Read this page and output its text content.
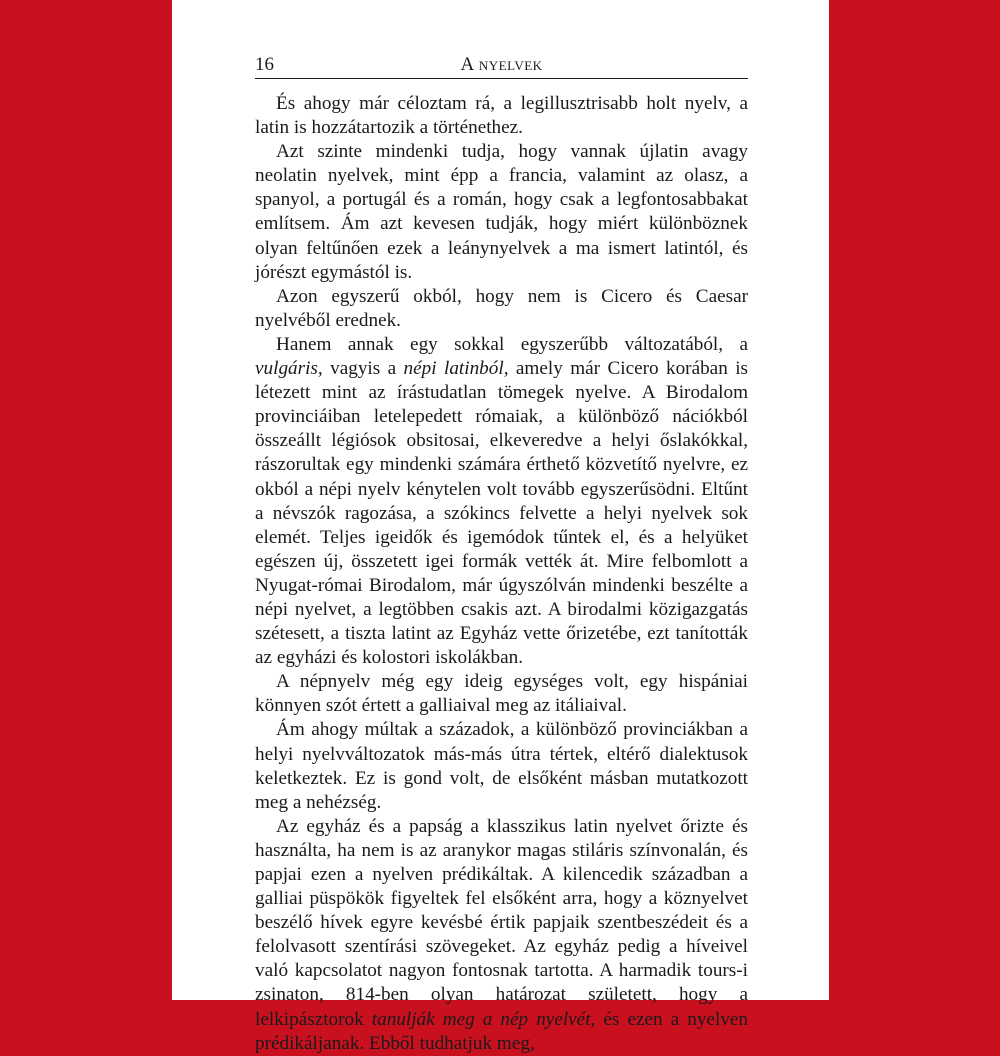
16	A nyelvek

És ahogy már céloztam rá, a legillusztrisabb holt nyelv, a latin is hozzátartozik a történethez.

Azt szinte mindenki tudja, hogy vannak újlatin avagy neolatin nyelvek, mint épp a francia, valamint az olasz, a spanyol, a portugál és a román, hogy csak a legfontosabbakat említsem. Ám azt kevesen tudják, hogy miért különböznek olyan feltűnően ezek a leánynyelvek a ma ismert latintól, és jórészt egymástól is.

Azon egyszerű okból, hogy nem is Cicero és Caesar nyelvéből erednek.

Hanem annak egy sokkal egyszerűbb változatából, a vulgáris, vagyis a népi latinból, amely már Cicero korában is létezett mint az írástudatlan tömegek nyelve. A Birodalom provinciáiban letelepedett rómaiak, a különböző nációkból összeállt légiósok obsitosai, elkeveredve a helyi őslakókkal, rászorultak egy mindenki számára érthető közvetítő nyelvre, ez okból a népi nyelv kénytelen volt tovább egyszerűsödni. Eltűnt a névszók ragozása, a szókincs felvette a helyi nyelvek sok elemét. Teljes igeidők és igemódok tűntek el, és a helyüket egészen új, összetett igei formák vették át. Mire felbomlott a Nyugat-római Birodalom, már úgyszólván mindenki beszélte a népi nyelvet, a legtöbben csakis azt. A birodalmi közigazgatás szétesett, a tiszta latint az Egyház vette őrizetébe, ezt tanították az egyházi és kolostori iskolákban.

A népnyelv még egy ideig egységes volt, egy hispániai könnyen szót értett a galliaival meg az itáliaival.

Ám ahogy múltak a századok, a különböző provinciákban a helyi nyelvváltozatok más-más útra tértek, eltérő dialektusok keletkeztek. Ez is gond volt, de elsőként másban mutatkozott meg a nehézség.

Az egyház és a papság a klasszikus latin nyelvet őrizte és használta, ha nem is az aranykor magas stiláris színvonalán, és papjai ezen a nyelven prédikáltak. A kilencedik században a galliai püspökök figyeltek fel elsőként arra, hogy a köznyelvet beszélő hívek egyre kevésbé értik papjaik szentbeszédeit és a felolvasott szentírási szövegeket. Az egyház pedig a híveivel való kapcsolatot nagyon fontosnak tartotta. A harmadik tours-i zsinaton, 814-ben olyan határozat született, hogy a lelkipásztorok tanulják meg a nép nyelvét, és ezen a nyelven prédikáljanak. Ebből tudhatjuk meg,
